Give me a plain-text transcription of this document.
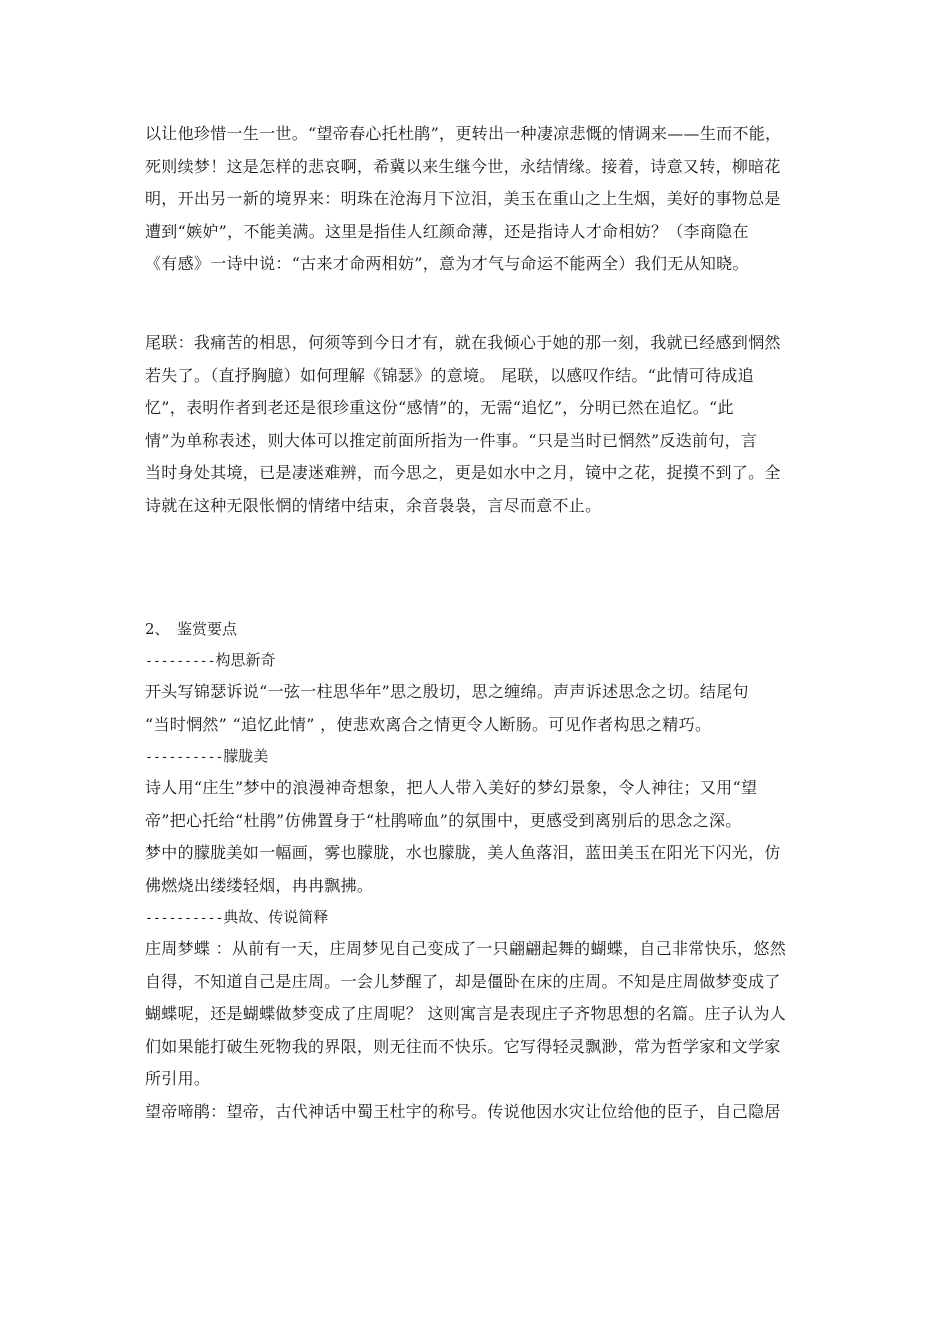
以让他珍惜一生一世。“望帝春心托杜鹃”，更转出一种凄凉悲慨的情调来——生而不能，
死则续梦！这是怎样的悲哀啊，希冀以来生继今世，永结情缘。接着，诗意又转，柳暗花
明，开出另一新的境界来：明珠在沧海月下泣泪，美玉在重山之上生烟，美好的事物总是
遭到“嫉妒”，不能美满。这里是指佳人红颜命薄，还是指诗人才命相妨？（李商隐在
《有感》一诗中说：“古来才命两相妨”，意为才气与命运不能两全）我们无从知晓。

尾联：我痛苦的相思，何须等到今日才有，就在我倾心于她的那一刻，我就已经感到惘然
若失了。（直抒胸臆）如何理解《锦瑟》的意境。 尾联，以感叹作结。“此情可待成追
忆”，表明作者到老还是很珍重这份“感情”的，无需“追忆”，分明已然在追忆。“此
情”为单称表述，则大体可以推定前面所指为一件事。“只是当时已惘然”反迭前句，言
当时身处其境，已是凄迷难辨，而今思之，更是如水中之月，镜中之花，捉摸不到了。全
诗就在这种无限怅惘的情绪中结束，余音袅袅，言尽而意不止。

2、　鉴赏要点
---------构思新奇
开头写锦瑟诉说“一弦一柱思华年”思之殷切，思之缠绵。声声诉述思念之切。结尾句
“当时惘然” “追忆此情” ，使悲欢离合之情更令人断肠。可见作者构思之精巧。
----------朦胧美
诗人用“庄生”梦中的浪漫神奇想象，把人人带入美好的梦幻景象，令人神往；又用“望
帝”把心托给“杜鹃”仿佛置身于“杜鹃啼血”的氛围中，更感受到离别后的思念之深。
梦中的朦胧美如一幅画，雾也朦胧，水也朦胧，美人鱼落泪，蓝田美玉在阳光下闪光，仿
佛燃烧出缕缕轻烟，冉冉飘拂。
----------典故、传说简释
庄周梦蝶 ：从前有一天，庄周梦见自己变成了一只翩翩起舞的蝴蝶，自己非常快乐，悠然
自得，不知道自己是庄周。一会儿梦醒了，却是僵卧在床的庄周。不知是庄周做梦变成了
蝴蝶呢，还是蝴蝶做梦变成了庄周呢？ 这则寓言是表现庄子齐物思想的名篇。庄子认为人
们如果能打破生死物我的界限，则无往而不快乐。它写得轻灵飘渺，常为哲学家和文学家
所引用。
望帝啼鹃：望帝，古代神话中蜀王杜宇的称号。传说他因水灾让位给他的臣子，自己隐居
